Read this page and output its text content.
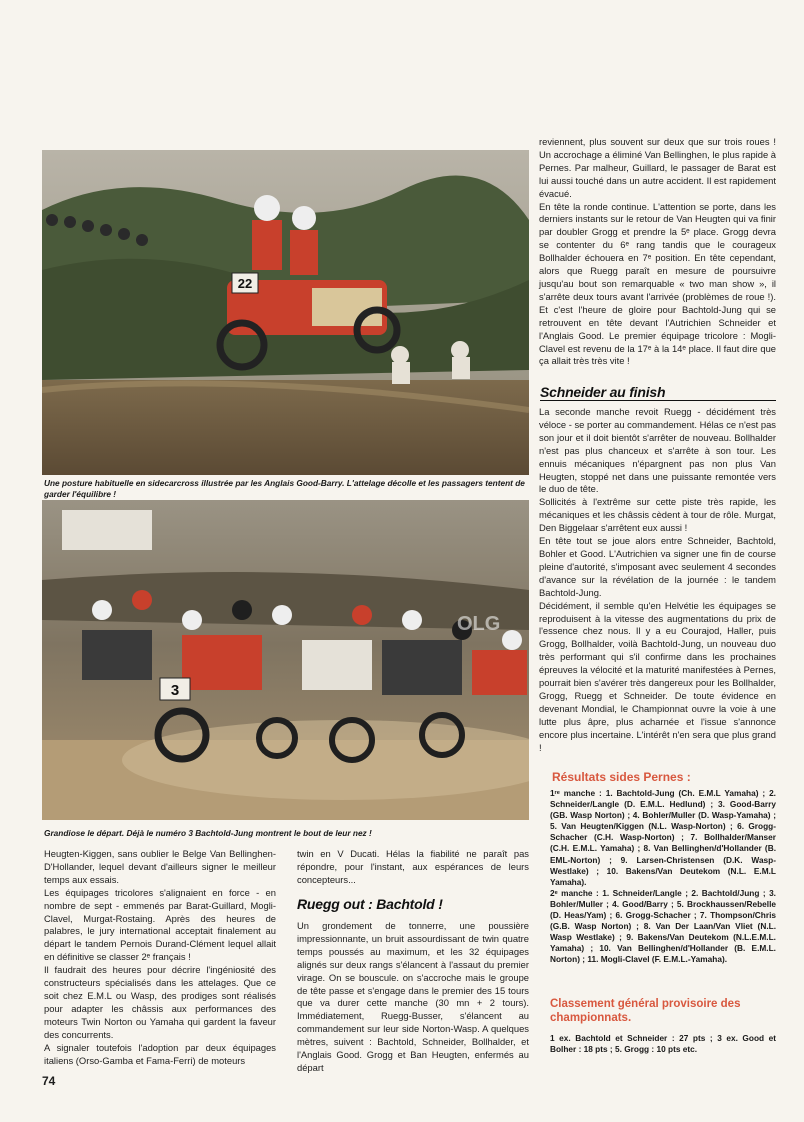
22
Une posture habituelle en sidecarcross illustrée par les Anglais Good-Barry. L'attelage décolle et les passagers tentent de garder l'équilibre !
3
OLG
Grandiose le départ. Déjà le numéro 3 Bachtold-Jung montrent le bout de leur nez !

reviennent, plus souvent sur deux que sur trois roues ! Un accrochage a éliminé Van Bellinghen, le plus rapide à Pernes. Par malheur, Guillard, le passager de Barat est lui aussi touché dans un autre accident. Il est rapidement évacué.

En tête la ronde continue. L'attention se porte, dans les derniers instants sur le retour de Van Heugten qui va finir par doubler Grogg et prendre la 5ᵉ place. Grogg devra se contenter du 6ᵉ rang tandis que le courageux Bollhalder échouera en 7ᵉ position. En tête cependant, alors que Ruegg paraît en mesure de poursuivre jusqu'au bout son remarquable « two man show », il s'arrête deux tours avant l'arrivée (problèmes de roue !). Et c'est l'heure de gloire pour Bachtold-Jung qui se retrouvent en tête devant l'Autrichien Schneider et l'Anglais Good. Le premier équipage tricolore : Mogli-Clavel est revenu de la 17ᵉ à la 14ᵉ place. Il faut dire que ça allait très très vite !

Schneider au finish

La seconde manche revoit Ruegg - décidément très véloce - se porter au commandement. Hélas ce n'est pas son jour et il doit bientôt s'arrêter de nouveau. Bollhalder n'est pas plus chanceux et s'arrête à son tour. Les ennuis mécaniques n'épargnent pas non plus Van Heugten, stoppé net dans une puissante remontée vers le duo de tête.

Sollicités à l'extrême sur cette piste très rapide, les mécaniques et les châssis cèdent à tour de rôle. Murgat, Den Biggelaar s'arrêtent eux aussi !

En tête tout se joue alors entre Schneider, Bachtold, Bohler et Good. L'Autrichien va signer une fin de course pleine d'autorité, s'imposant avec seulement 4 secondes d'avance sur la révélation de la journée : le tandem Bachtold-Jung.

Décidément, il semble qu'en Helvétie les équipages se reproduisent à la vitesse des augmentations du prix de l'essence chez nous. Il y a eu Courajod, Haller, puis Grogg, Bollhalder, voilà Bachtold-Jung, un nouveau duo très performant qui s'il confirme dans les prochaines épreuves la vélocité et la maturité manifestées à Pernes, pourrait bien s'avérer très dangereux pour les Bollhalder, Grogg, Ruegg et Schneider. De toute évidence en devenant Mondial, le Championnat ouvre la voie à une lutte plus âpre, plus acharnée et l'issue s'annonce encore plus incertaine. L'intérêt n'en sera que plus grand !

Résultats sides Pernes :

1ʳᵉ manche : 1. Bachtold-Jung (Ch. E.M.L Yamaha) ; 2. Schneider/Langle (D. E.M.L. Hedlund) ; 3. Good-Barry (GB. Wasp Norton) ; 4. Bohler/Muller (D. Wasp-Yamaha) ; 5. Van Heugten/Kiggen (N.L. Wasp-Norton) ; 6. Grogg-Schacher (C.H. Wasp-Norton) ; 7. Bollhalder/Manser (C.H. E.M.L. Yamaha) ; 8. Van Bellinghen/d'Hollander (B. EML-Norton) ; 9. Larsen-Christensen (D.K. Wasp-Westlake) ; 10. Bakens/Van Deutekom (N.L. E.M.L Yamaha).

2ᵉ manche : 1. Schneider/Langle ; 2. Bachtold/Jung ; 3. Bohler/Muller ; 4. Good/Barry ; 5. Brockhaussen/Rebelle (D. Heas/Yam) ; 6. Grogg-Schacher ; 7. Thompson/Chris (G.B. Wasp Norton) ; 8. Van Der Laan/Van Vliet (N.L. Wasp Westlake) ; 9. Bakens/Van Deutekom (N.L.E.M.L. Yamaha) ; 10. Van Bellinghen/d'Hollander (B. E.M.L. Norton) ; 11. Mogli-Clavel (F. E.M.L.-Yamaha).

Classement général provisoire des championnats.
1 ex. Bachtold et Schneider : 27 pts ; 3 ex. Good et Bolher : 18 pts ; 5. Grogg : 10 pts etc.

Heugten-Kiggen, sans oublier le Belge Van Bellinghen-D'Hollander, lequel devant d'ailleurs signer le meilleur temps aux essais.

Les équipages tricolores s'alignaient en force - en nombre de sept - emmenés par Barat-Guillard, Mogli-Clavel, Murgat-Rostaing. Après des heures de palabres, le jury international acceptait finalement au départ le tandem Pernois Durand-Clément lequel allait en définitive se classer 2ᵉ français !

Il faudrait des heures pour décrire l'ingéniosité des constructeurs spécialisés dans les attelages. Que ce soit chez E.M.L ou Wasp, des prodiges sont réalisés pour adapter les châssis aux performances des moteurs Twin Norton ou Yamaha qui gardent la faveur des concurrents.

A signaler toutefois l'adoption par deux équipages italiens (Orso-Gamba et Fama-Ferri) de moteurs

twin en V Ducati. Hélas la fiabilité ne paraît pas répondre, pour l'instant, aux espérances de leurs concepteurs...
Ruegg out : Bachtold !
Un grondement de tonnerre, une poussière impressionnante, un bruit assourdissant de twin quatre temps poussés au maximum, et les 32 équipages alignés sur deux rangs s'élancent à l'assaut du premier virage. On se bouscule. on s'accroche mais le groupe de tête passe et s'engage dans le premier des 15 tours que va durer cette manche (30 mn + 2 tours). Immédiatement, Ruegg-Busser, s'élancent au commandement sur leur side Norton-Wasp. A quelques mètres, suivent : Bachtold, Schneider, Bollhalder, et l'Anglais Good. Grogg et Ban Heugten, enfermés au départ
74
